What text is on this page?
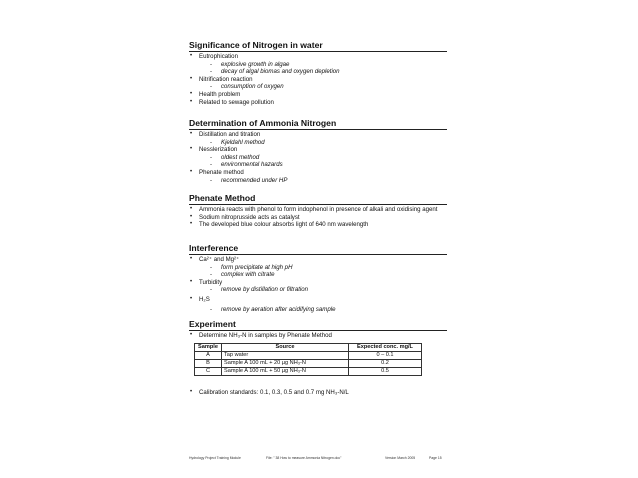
Significance of Nitrogen in water
• Eutrophication
- explosive growth in algae
- decay of algal biomas and oxygen depletion
• Nitrification reaction
- consumption of oxygen
• Health problem
• Related to sewage pollution
Determination of Ammonia Nitrogen
• Distillation and titration
- Kjeldahl method
• Nesslerization
- oldest method
- environmental hazards
• Phenate method
- recommended under HP
Phenate Method
• Ammonia reacts with phenol to form indophenol in presence of alkali and oxidising agent
• Sodium nitroprusside acts as catalyst
• The developed blue colour absorbs light of 640 nm wavelength
Interference
• Ca²⁺ and Mg²⁺
- form precipitate at high pH
- complex with citrate
• Turbidity
- remove by distillation or filtration
• H₂S
- remove by aeration after acidifying sample
Experiment
• Determine NH₃-N in samples by Phenate Method
Sample	Source	Expected conc. mg/L
A	Tap water	0 – 0.1
B	Sample A 100 mL + 20 µg NH₃-N	0.2
C	Sample A 100 mL + 50 µg NH₃-N	0.5
• Calibration standards: 0.1, 0.3, 0.5 and 0.7 mg NH₃-N/L
Hydrology Project Training Module	File: " 38 How to measure Ammonia Nitrogen.doc"	Version March 2005	Page 15
